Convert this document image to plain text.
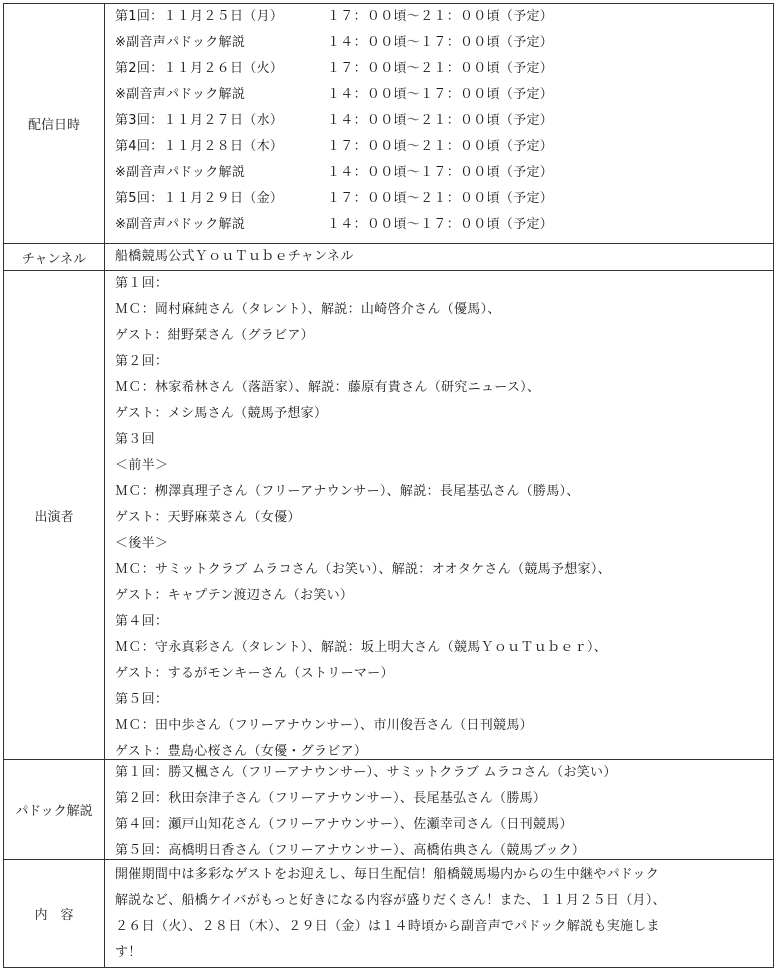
配信日時
第1回：１１月２５日（月）	１７：００頃～２１：００頃（予定）
※副音声パドック解説	１４：００頃～１７：００頃（予定）
第2回：１１月２６日（火）	１７：００頃～２１：００頃（予定）
※副音声パドック解説	１４：００頃～１７：００頃（予定）
第3回：１１月２７日（水）	１４：００頃～２１：００頃（予定）
第4回：１１月２８日（木）	１７：００頃～２１：００頃（予定）
※副音声パドック解説	１４：００頃～１７：００頃（予定）
第5回：１１月２９日（金）	１７：００頃～２１：００頃（予定）
※副音声パドック解説	１４：００頃～１７：００頃（予定）
チャンネル	船橋競馬公式ＹｏｕＴｕｂｅチャンネル
出演者
第１回：
ＭＣ：岡村麻純さん（タレント）、解説：山崎啓介さん（優馬）、
ゲスト：紺野栞さん（グラビア）
第２回：
ＭＣ：林家希林さん（落語家）、解説：藤原有貴さん（研究ニュース）、
ゲスト：メシ馬さん（競馬予想家）
第３回
＜前半＞
ＭＣ：栁澤真理子さん（フリーアナウンサー）、解説：長尾基弘さん（勝馬）、
ゲスト：天野麻菜さん（女優）
＜後半＞
ＭＣ：サミットクラブ ムラコさん（お笑い）、解説：オオタケさん（競馬予想家）、
ゲスト：キャプテン渡辺さん（お笑い）
第４回：
ＭＣ：守永真彩さん（タレント）、解説：坂上明大さん（競馬ＹｏｕＴｕｂｅｒ）、
ゲスト：するがモンキーさん（ストリーマー）
第５回：
ＭＣ：田中歩さん（フリーアナウンサー）、市川俊吾さん（日刊競馬）
ゲスト：豊島心桜さん（女優・グラビア）
パドック解説
第１回：勝又楓さん（フリーアナウンサー）、サミットクラブ ムラコさん（お笑い）
第２回：秋田奈津子さん（フリーアナウンサー）、長尾基弘さん（勝馬）
第４回：瀬戸山知花さん（フリーアナウンサー）、佐瀬幸司さん（日刊競馬）
第５回：高橋明日香さん（フリーアナウンサー）、高橋佑典さん（競馬ブック）
内　容
開催期間中は多彩なゲストをお迎えし、毎日生配信！船橋競馬場内からの生中継やパドック
解説など、船橋ケイバがもっと好きになる内容が盛りだくさん！また、１１月２５日（月）、
２６日（火）、２８日（木）、２９日（金）は１４時頃から副音声でパドック解説も実施しま
す！
